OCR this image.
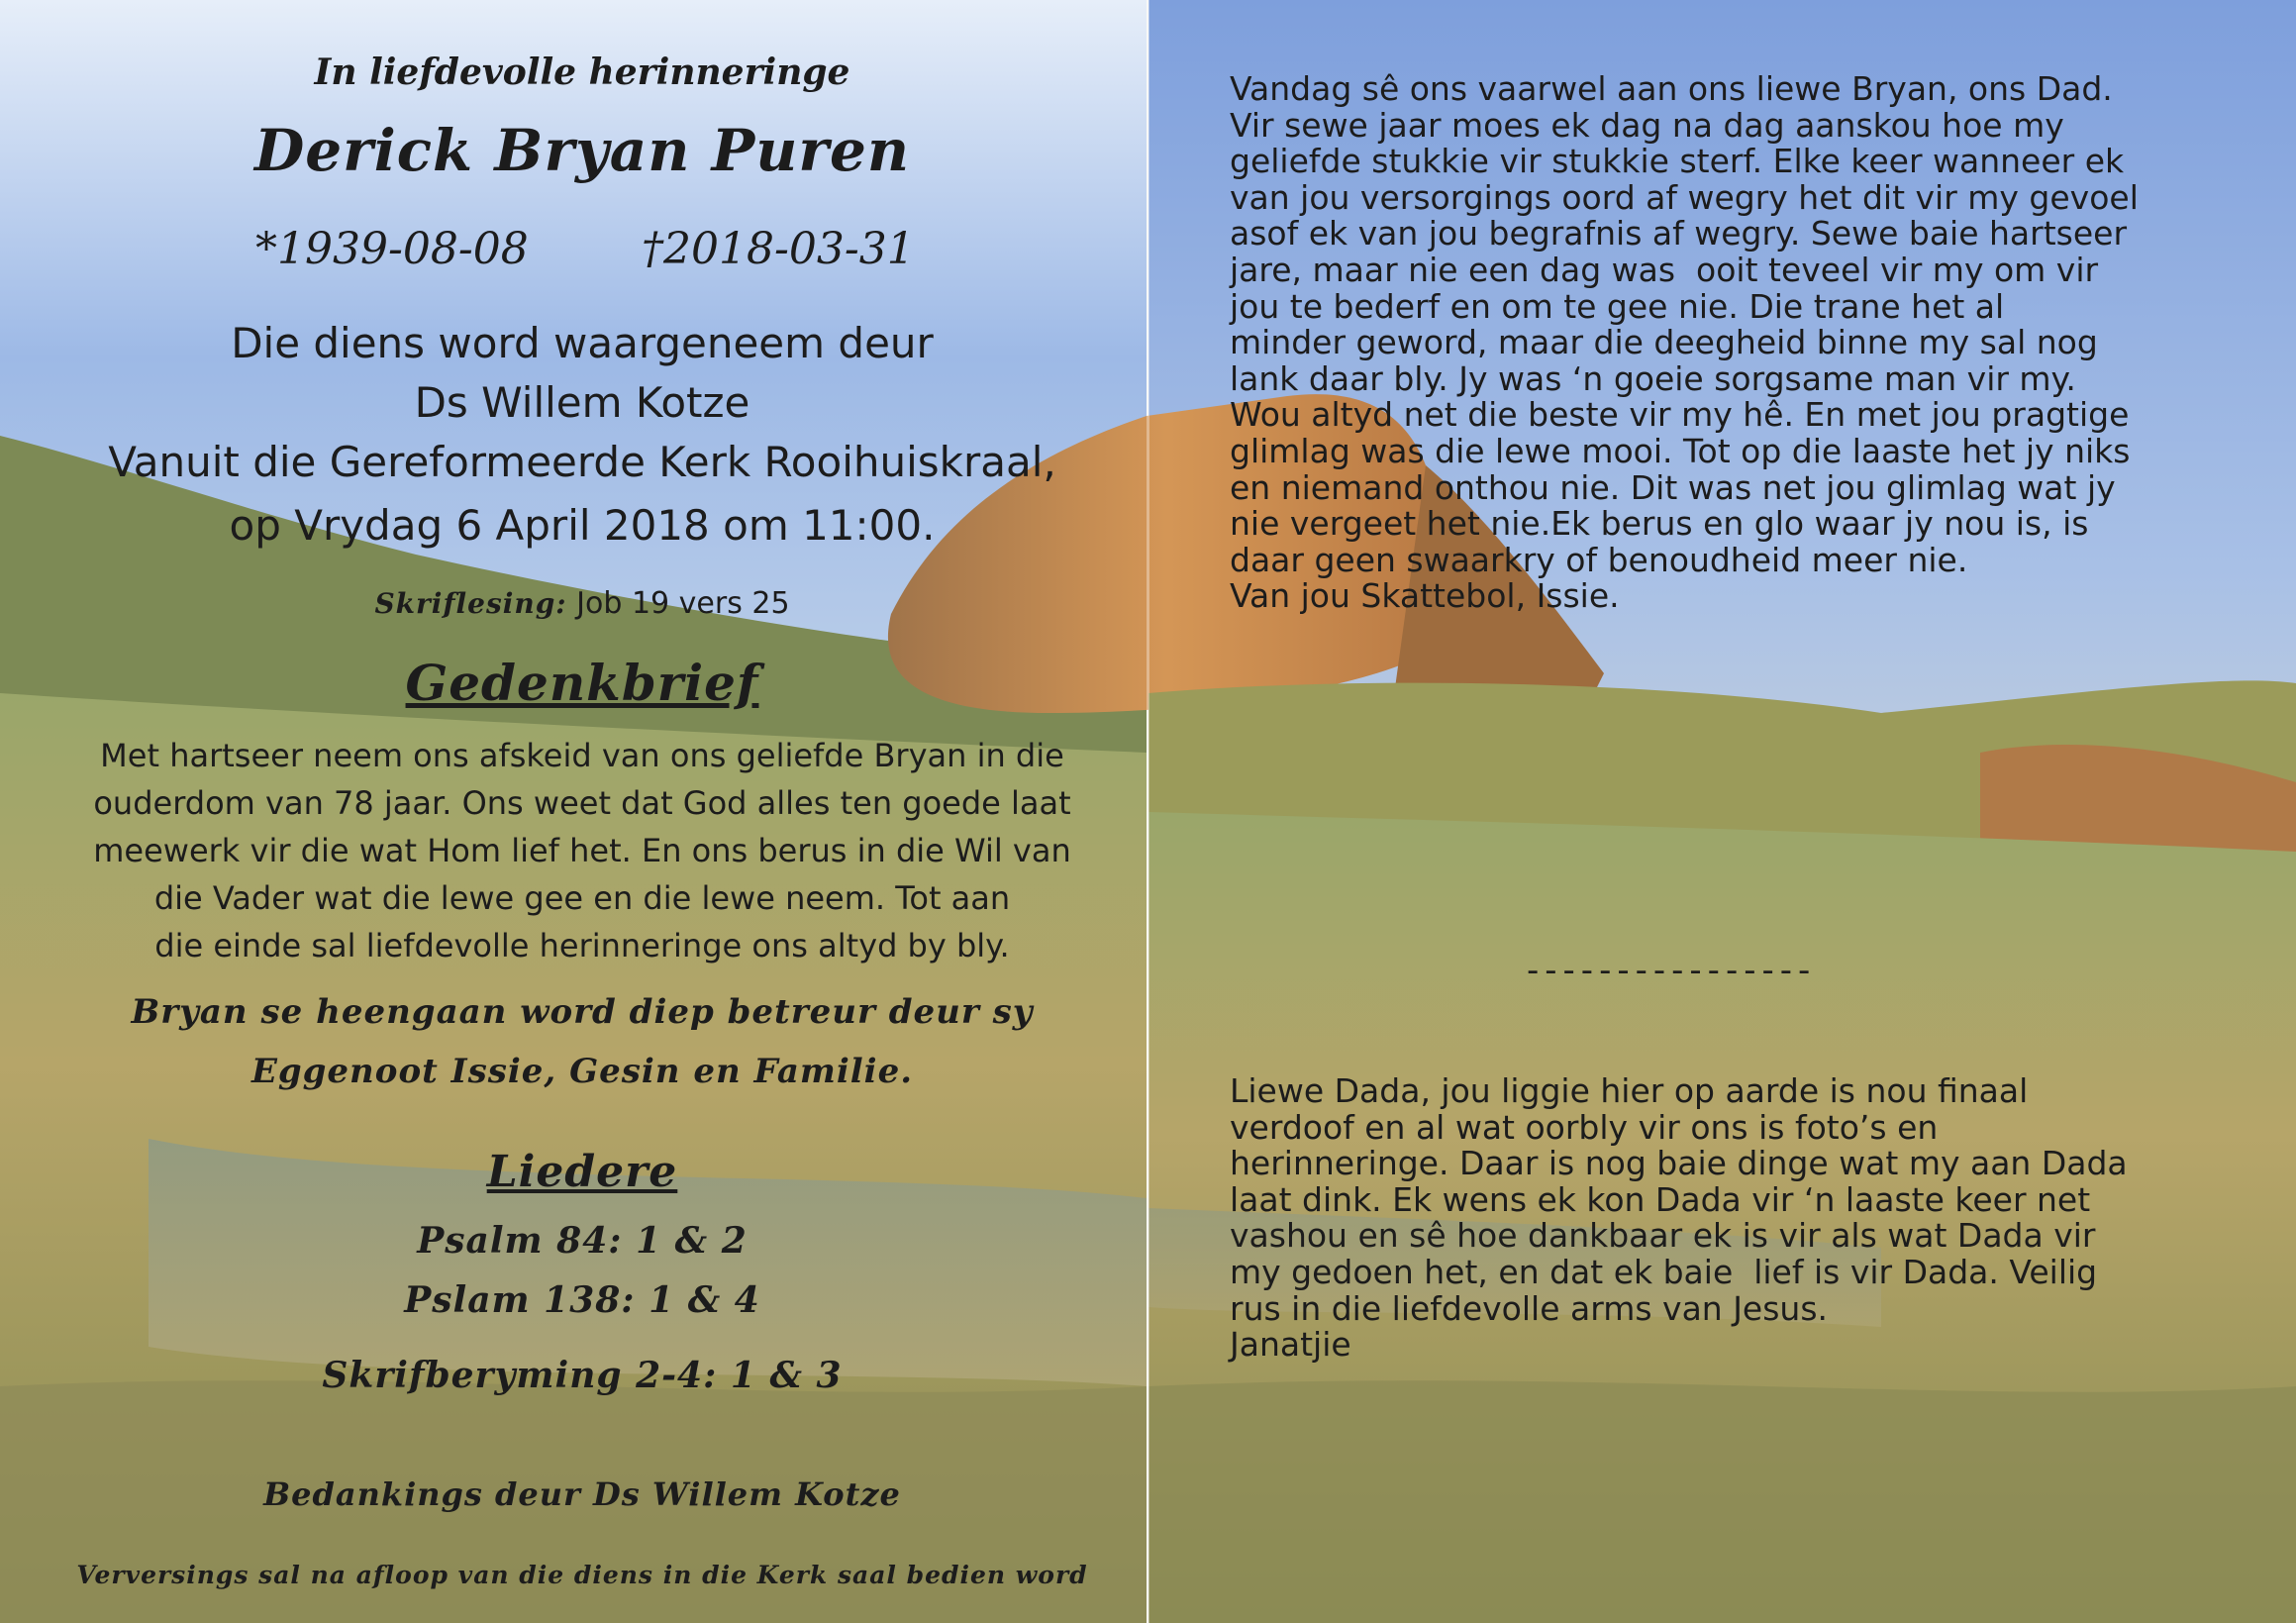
In liefdevolle herinneringe
Derick Bryan Puren
*1939-08-08	†2018-03-31
Die diens word waargeneem deur
Ds Willem Kotze
Vanuit die Gereformeerde Kerk Rooihuiskraal,
op Vrydag 6 April 2018 om 11:00.
Skriflesing: Job 19 vers 25
Gedenkbrief
Met hartseer neem ons afskeid van ons geliefde Bryan in die
ouderdom van 78 jaar. Ons weet dat God alles ten goede laat
meewerk vir die wat Hom lief het. En ons berus in die Wil van
die Vader wat die lewe gee en die lewe neem. Tot aan
die einde sal liefdevolle herinneringe ons altyd by bly.
Bryan se heengaan word diep betreur deur sy
Eggenoot Issie, Gesin en Familie.
Liedere
Psalm 84: 1 & 2
Pslam 138: 1 & 4
Skrifberyming 2-4: 1 & 3
Bedankings deur Ds Willem Kotze
Verversings sal na afloop van die diens in die Kerk saal bedien word
Vandag sê ons vaarwel aan ons liewe Bryan, ons Dad.
Vir sewe jaar moes ek dag na dag aanskou hoe my
geliefde stukkie vir stukkie sterf. Elke keer wanneer ek
van jou versorgings oord af wegry het dit vir my gevoel
asof ek van jou begrafnis af wegry. Sewe baie hartseer
jare, maar nie een dag was  ooit teveel vir my om vir
jou te bederf en om te gee nie. Die trane het al
minder geword, maar die deegheid binne my sal nog
lank daar bly. Jy was ‘n goeie sorgsame man vir my.
Wou altyd net die beste vir my hê. En met jou pragtige
glimlag was die lewe mooi. Tot op die laaste het jy niks
en niemand onthou nie. Dit was net jou glimlag wat jy
nie vergeet het nie.Ek berus en glo waar jy nou is, is
daar geen swaarkry of benoudheid meer nie.
Van jou Skattebol, Issie.
----------------
Liewe Dada, jou liggie hier op aarde is nou finaal
verdoof en al wat oorbly vir ons is foto’s en
herinneringe. Daar is nog baie dinge wat my aan Dada
laat dink. Ek wens ek kon Dada vir ‘n laaste keer net
vashou en sê hoe dankbaar ek is vir als wat Dada vir
my gedoen het, en dat ek baie  lief is vir Dada. Veilig
rus in die liefdevolle arms van Jesus.
Janatjie
